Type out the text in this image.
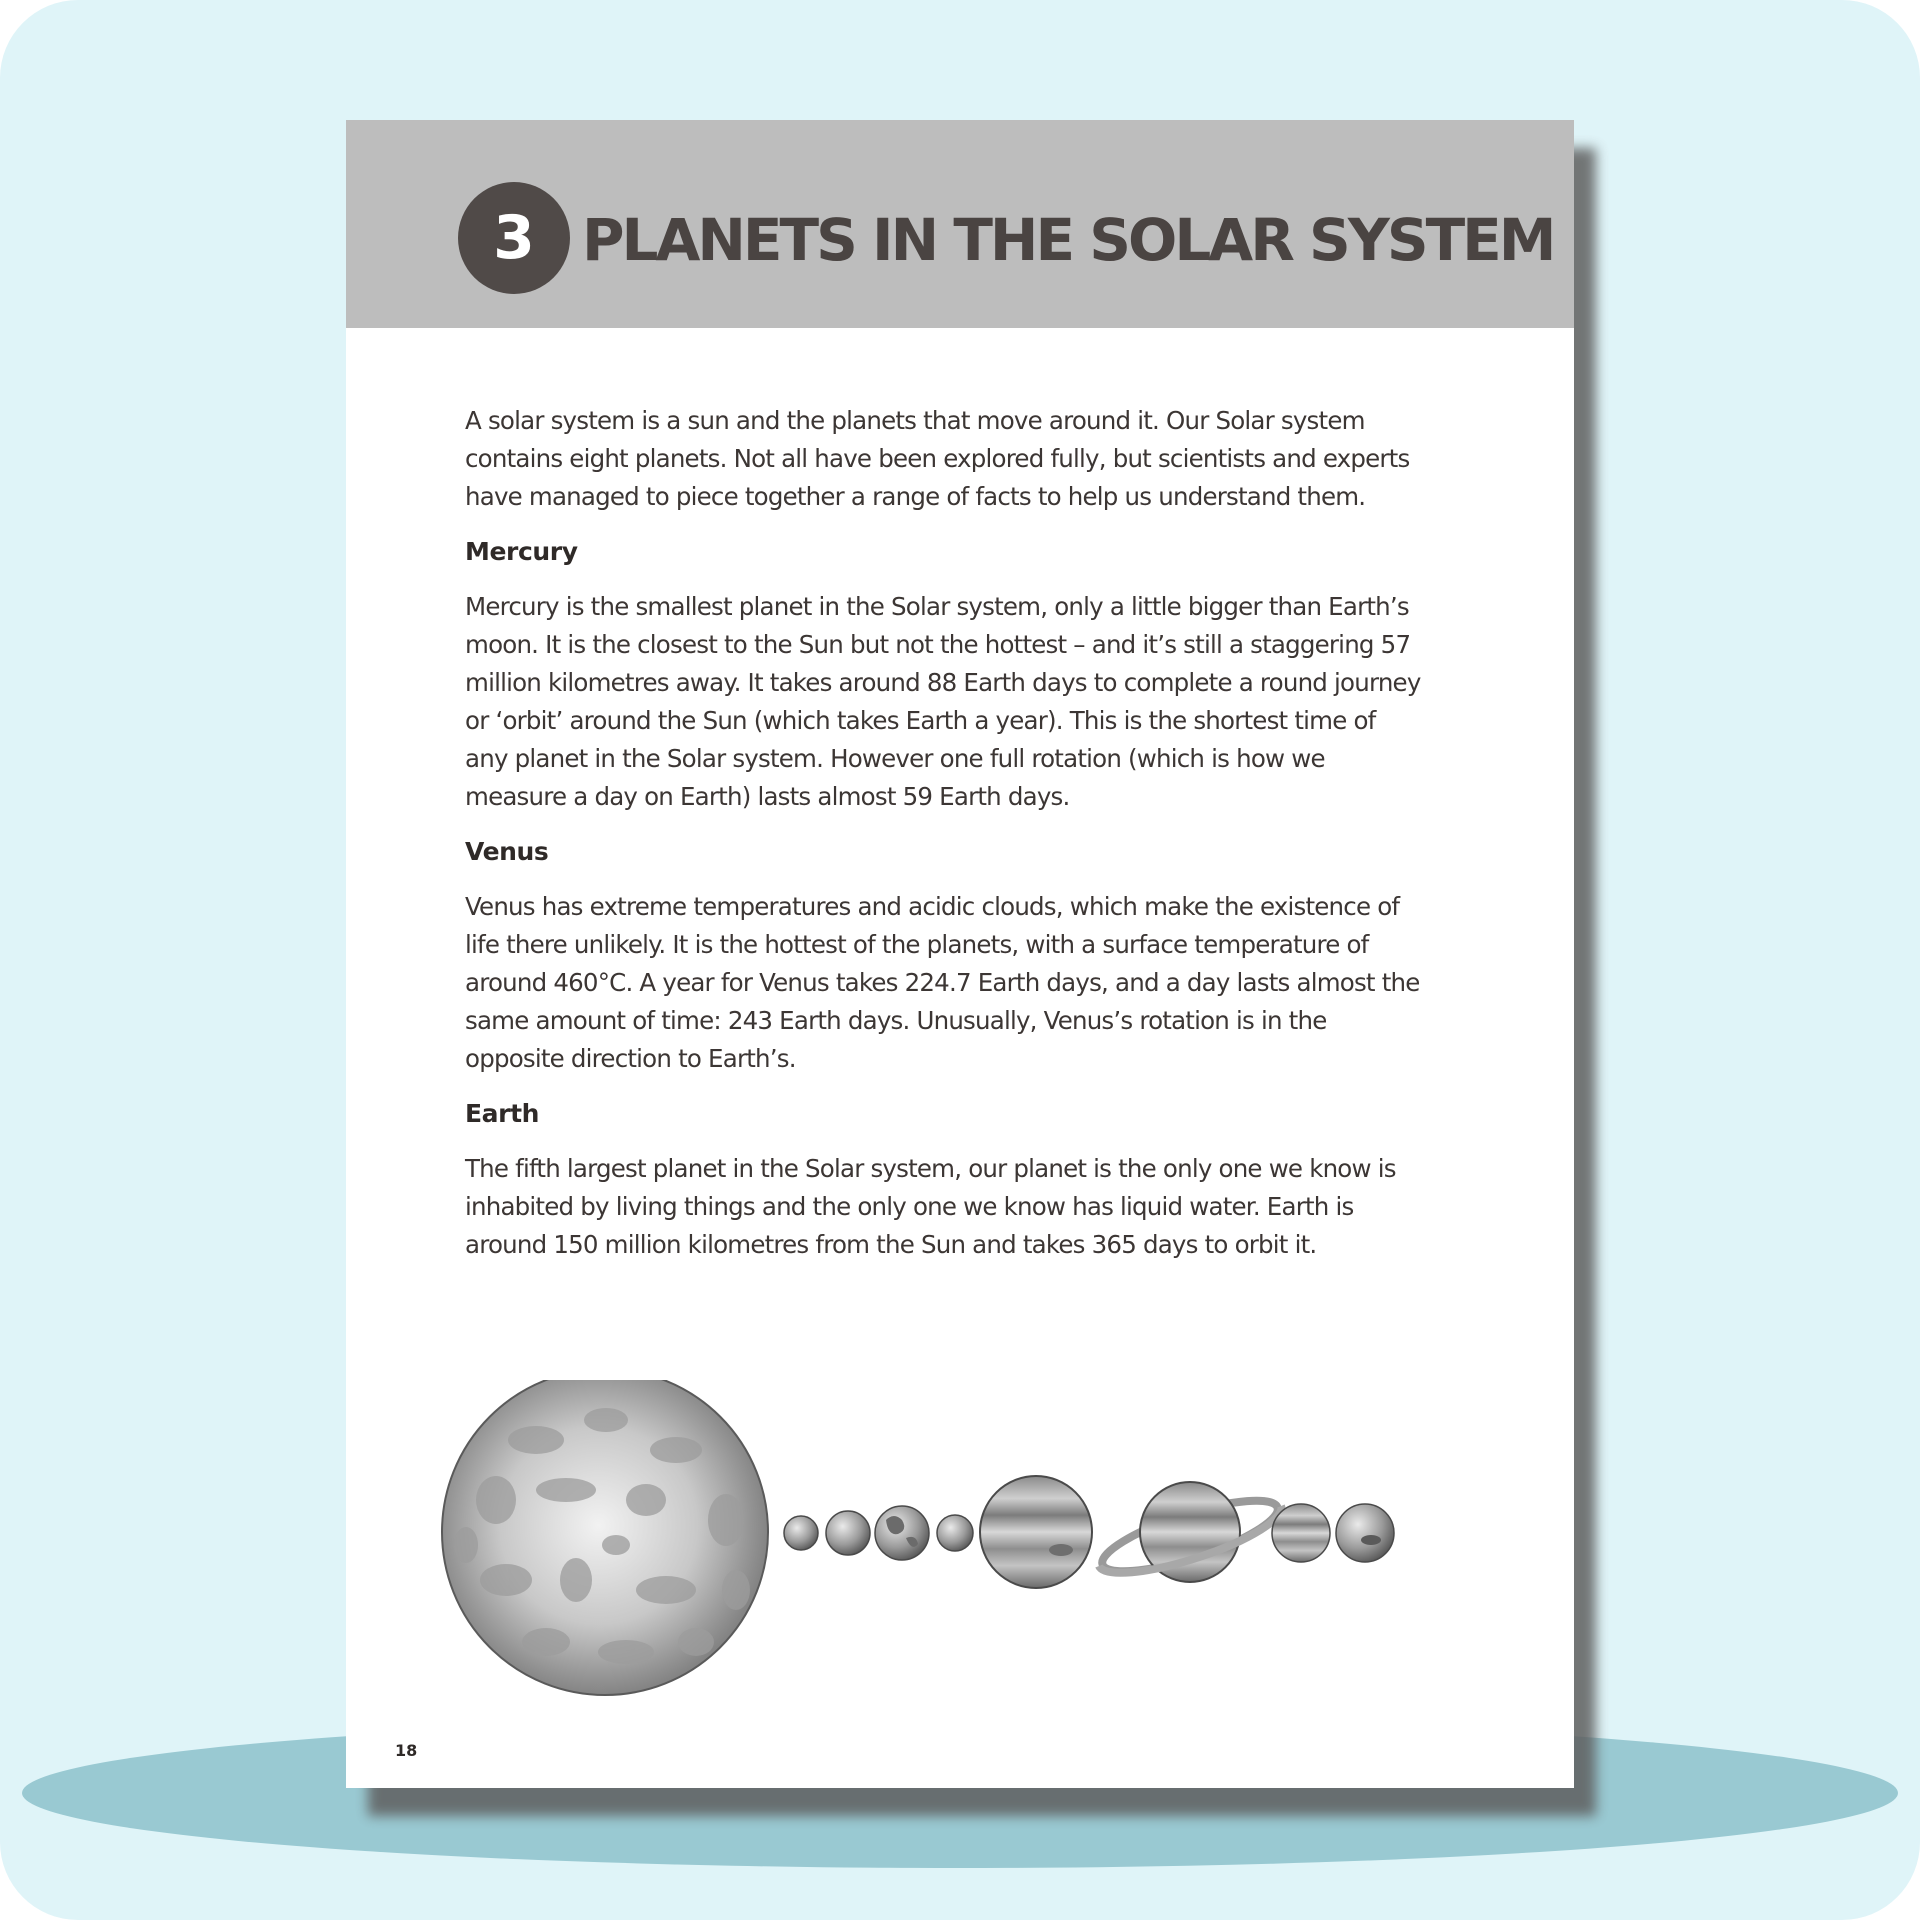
3 PLANETS IN THE SOLAR SYSTEM

A solar system is a sun and the planets that move around it. Our Solar system contains eight planets. Not all have been explored fully, but scientists and experts have managed to piece together a range of facts to help us understand them.

Mercury

Mercury is the smallest planet in the Solar system, only a little bigger than Earth’s moon. It is the closest to the Sun but not the hottest – and it’s still a staggering 57 million kilometres away. It takes around 88 Earth days to complete a round journey or ‘orbit’ around the Sun (which takes Earth a year). This is the shortest time of any planet in the Solar system. However one full rotation (which is how we measure a day on Earth) lasts almost 59 Earth days.

Venus

Venus has extreme temperatures and acidic clouds, which make the existence of life there unlikely. It is the hottest of the planets, with a surface temperature of around 460°C. A year for Venus takes 224.7 Earth days, and a day lasts almost the same amount of time: 243 Earth days. Unusually, Venus’s rotation is in the opposite direction to Earth’s.

Earth

The fifth largest planet in the Solar system, our planet is the only one we know is inhabited by living things and the only one we know has liquid water. Earth is around 150 million kilometres from the Sun and takes 365 days to orbit it.

18
